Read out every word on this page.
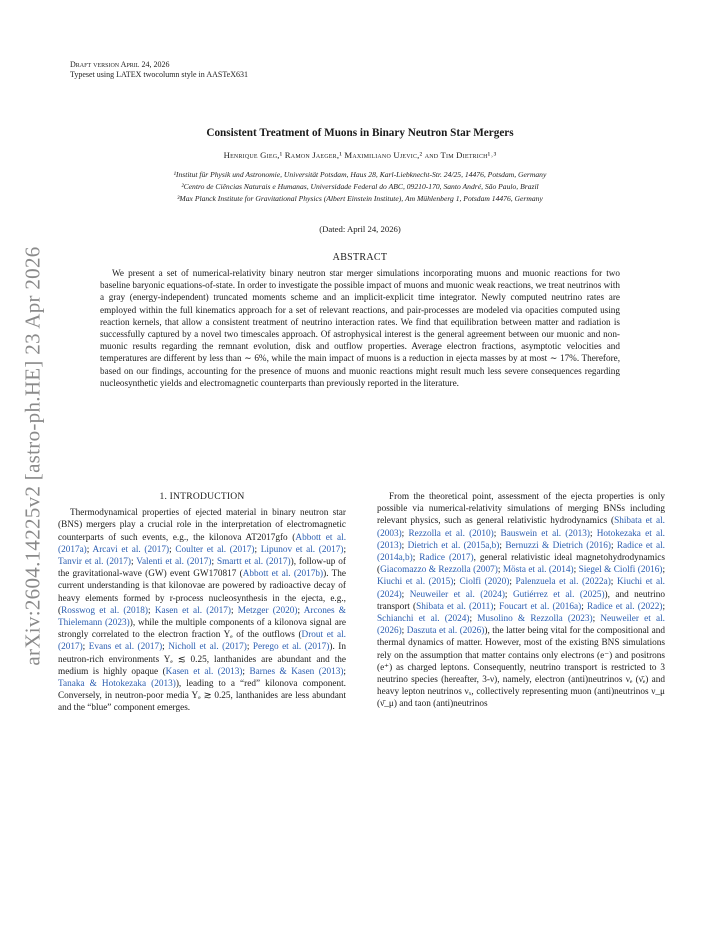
arXiv:2604.14225v2 [astro-ph.HE] 23 Apr 2026
Draft version April 24, 2026
Typeset using LATEX twocolumn style in AASTeX631
Consistent Treatment of Muons in Binary Neutron Star Mergers
Henrique Gieg,¹ Ramon Jaeger,¹ Maximiliano Ujevic,² and Tim Dietrich¹˒³
¹Institut für Physik und Astronomie, Universität Potsdam, Haus 28, Karl-Liebknecht-Str. 24/25, 14476, Potsdam, Germany
²Centro de Ciências Naturais e Humanas, Universidade Federal do ABC, 09210-170, Santo André, São Paulo, Brazil
³Max Planck Institute for Gravitational Physics (Albert Einstein Institute), Am Mühlenberg 1, Potsdam 14476, Germany
(Dated: April 24, 2026)
ABSTRACT

We present a set of numerical-relativity binary neutron star merger simulations incorporating muons and muonic reactions for two baseline baryonic equations-of-state. In order to investigate the possible impact of muons and muonic weak reactions, we treat neutrinos with a gray (energy-independent) truncated moments scheme and an implicit-explicit time integrator. Newly computed neutrino rates are employed within the full kinematics approach for a set of relevant reactions, and pair-processes are modeled via opacities computed using reaction kernels, that allow a consistent treatment of neutrino interaction rates. We find that equilibration between matter and radiation is successfully captured by a novel two timescales approach. Of astrophysical interest is the general agreement between our muonic and non-muonic results regarding the remnant evolution, disk and outflow properties. Average electron fractions, asymptotic velocities and temperatures are different by less than ∼ 6%, while the main impact of muons is a reduction in ejecta masses by at most ∼ 17%. Therefore, based on our findings, accounting for the presence of muons and muonic reactions might result much less severe consequences regarding nucleosynthetic yields and electromagnetic counterparts than previously reported in the literature.

1. INTRODUCTION

Thermodynamical properties of ejected material in binary neutron star (BNS) mergers play a crucial role in the interpretation of electromagnetic counterparts of such events, e.g., the kilonova AT2017gfo (Abbott et al. (2017a); Arcavi et al. (2017); Coulter et al. (2017); Lipunov et al. (2017); Tanvir et al. (2017); Valenti et al. (2017); Smartt et al. (2017)), follow-up of the gravitational-wave (GW) event GW170817 (Abbott et al. (2017b)). The current understanding is that kilonovae are powered by radioactive decay of heavy elements formed by r-process nucleosynthesis in the ejecta, e.g., (Rosswog et al. (2018); Kasen et al. (2017); Metzger (2020); Arcones & Thielemann (2023)), while the multiple components of a kilonova signal are strongly correlated to the electron fraction Yₑ of the outflows (Drout et al. (2017); Evans et al. (2017); Nicholl et al. (2017); Perego et al. (2017)). In neutron-rich environments Yₑ ≲ 0.25, lanthanides are abundant and the medium is highly opaque (Kasen et al. (2013); Barnes & Kasen (2013); Tanaka & Hotokezaka (2013)), leading to a “red” kilonova component. Conversely, in neutron-poor media Yₑ ≳ 0.25, lanthanides are less abundant and the “blue” component emerges.

From the theoretical point, assessment of the ejecta properties is only possible via numerical-relativity simulations of merging BNSs including relevant physics, such as general relativistic hydrodynamics (Shibata et al. (2003); Rezzolla et al. (2010); Bauswein et al. (2013); Hotokezaka et al. (2013); Dietrich et al. (2015a,b); Bernuzzi & Dietrich (2016); Radice et al. (2014a,b); Radice (2017), general relativistic ideal magnetohydrodynamics (Giacomazzo & Rezzolla (2007); Mösta et al. (2014); Siegel & Ciolfi (2016); Kiuchi et al. (2015); Ciolfi (2020); Palenzuela et al. (2022a); Kiuchi et al. (2024); Neuweiler et al. (2024); Gutiérrez et al. (2025)), and neutrino transport (Shibata et al. (2011); Foucart et al. (2016a); Radice et al. (2022); Schianchi et al. (2024); Musolino & Rezzolla (2023); Neuweiler et al. (2026); Daszuta et al. (2026)), the latter being vital for the compositional and thermal dynamics of matter. However, most of the existing BNS simulations rely on the assumption that matter contains only electrons (e⁻) and positrons (e⁺) as charged leptons. Consequently, neutrino transport is restricted to 3 neutrino species (hereafter, 3-ν), namely, electron (anti)neutrinos νₑ (ν̄ₑ) and heavy lepton neutrinos νₓ, collectively representing muon (anti)neutrinos ν_μ (ν̄_μ) and taon (anti)neutrinos
